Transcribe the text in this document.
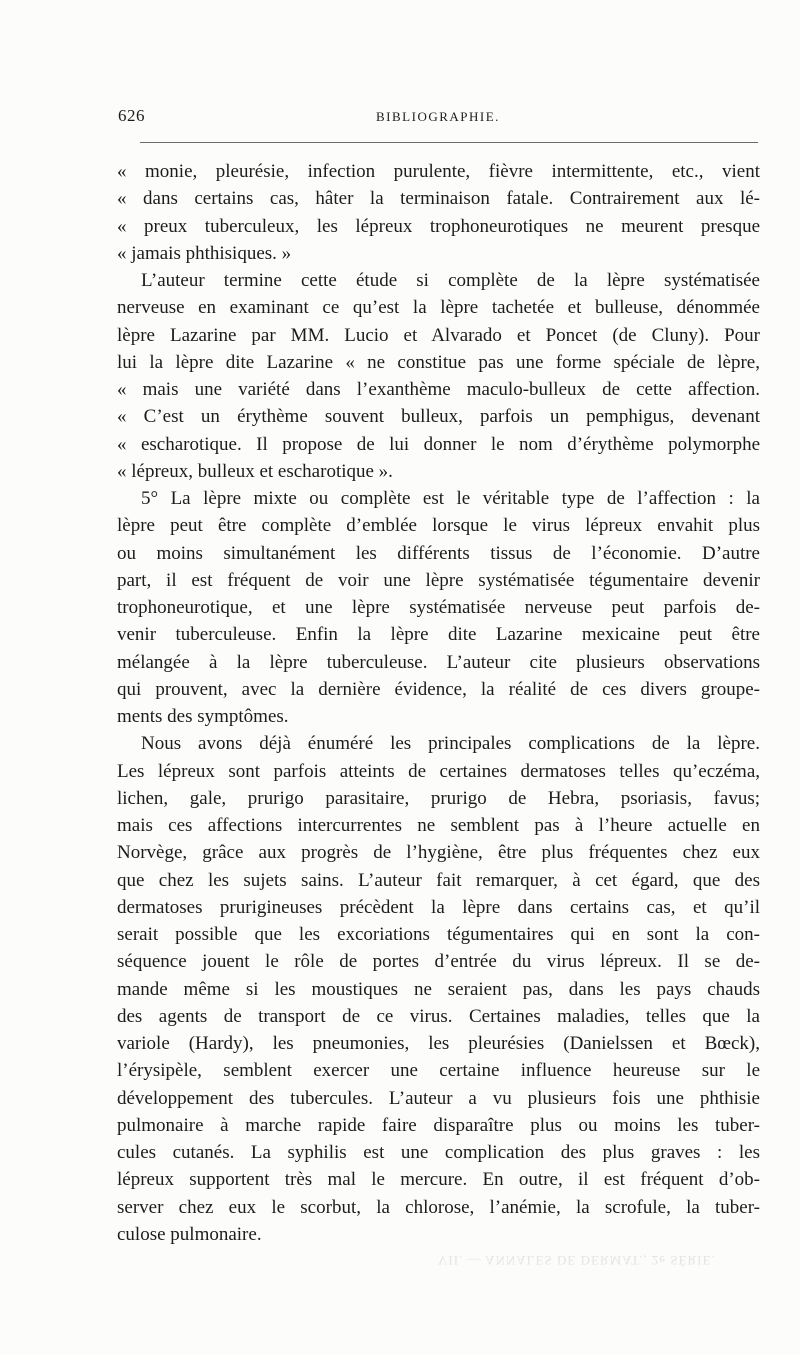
626	BIBLIOGRAPHIE.
« monie, pleurésie, infection purulente, fièvre intermittente, etc., vient
« dans certains cas, hâter la terminaison fatale. Contrairement aux lé-
« preux tuberculeux, les lépreux trophoneurotiques ne meurent presque
« jamais phthisiques. »
L’auteur termine cette étude si complète de la lèpre systématisée
nerveuse en examinant ce qu’est la lèpre tachetée et bulleuse, dénommée
lèpre Lazarine par MM. Lucio et Alvarado et Poncet (de Cluny). Pour
lui la lèpre dite Lazarine « ne constitue pas une forme spéciale de lèpre,
« mais une variété dans l’exanthème maculo-bulleux de cette affection.
« C’est un érythème souvent bulleux, parfois un pemphigus, devenant
« escharotique. Il propose de lui donner le nom d’érythème polymorphe
« lépreux, bulleux et escharotique ».
5° La lèpre mixte ou complète est le véritable type de l’affection : la
lèpre peut être complète d’emblée lorsque le virus lépreux envahit plus
ou moins simultanément les différents tissus de l’économie. D’autre
part, il est fréquent de voir une lèpre systématisée tégumentaire devenir
trophoneurotique, et une lèpre systématisée nerveuse peut parfois de-
venir tuberculeuse. Enfin la lèpre dite Lazarine mexicaine peut être
mélangée à la lèpre tuberculeuse. L’auteur cite plusieurs observations
qui prouvent, avec la dernière évidence, la réalité de ces divers groupe-
ments des symptômes.
Nous avons déjà énuméré les principales complications de la lèpre.
Les lépreux sont parfois atteints de certaines dermatoses telles qu’eczéma,
lichen, gale, prurigo parasitaire, prurigo de Hebra, psoriasis, favus;
mais ces affections intercurrentes ne semblent pas à l’heure actuelle en
Norvège, grâce aux progrès de l’hygiène, être plus fréquentes chez eux
que chez les sujets sains. L’auteur fait remarquer, à cet égard, que des
dermatoses prurigineuses précèdent la lèpre dans certains cas, et qu’il
serait possible que les excoriations tégumentaires qui en sont la con-
séquence jouent le rôle de portes d’entrée du virus lépreux. Il se de-
mande même si les moustiques ne seraient pas, dans les pays chauds
des agents de transport de ce virus. Certaines maladies, telles que la
variole (Hardy), les pneumonies, les pleurésies (Danielssen et Bœck),
l’érysipèle, semblent exercer une certaine influence heureuse sur le
développement des tubercules. L’auteur a vu plusieurs fois une phthisie
pulmonaire à marche rapide faire disparaître plus ou moins les tuber-
cules cutanés. La syphilis est une complication des plus graves : les
lépreux supportent très mal le mercure. En outre, il est fréquent d’ob-
server chez eux le scorbut, la chlorose, l’anémie, la scrofule, la tuber-
culose pulmonaire.
VII. — ANNALES DE DERMAT., 2e SÉRIE.
